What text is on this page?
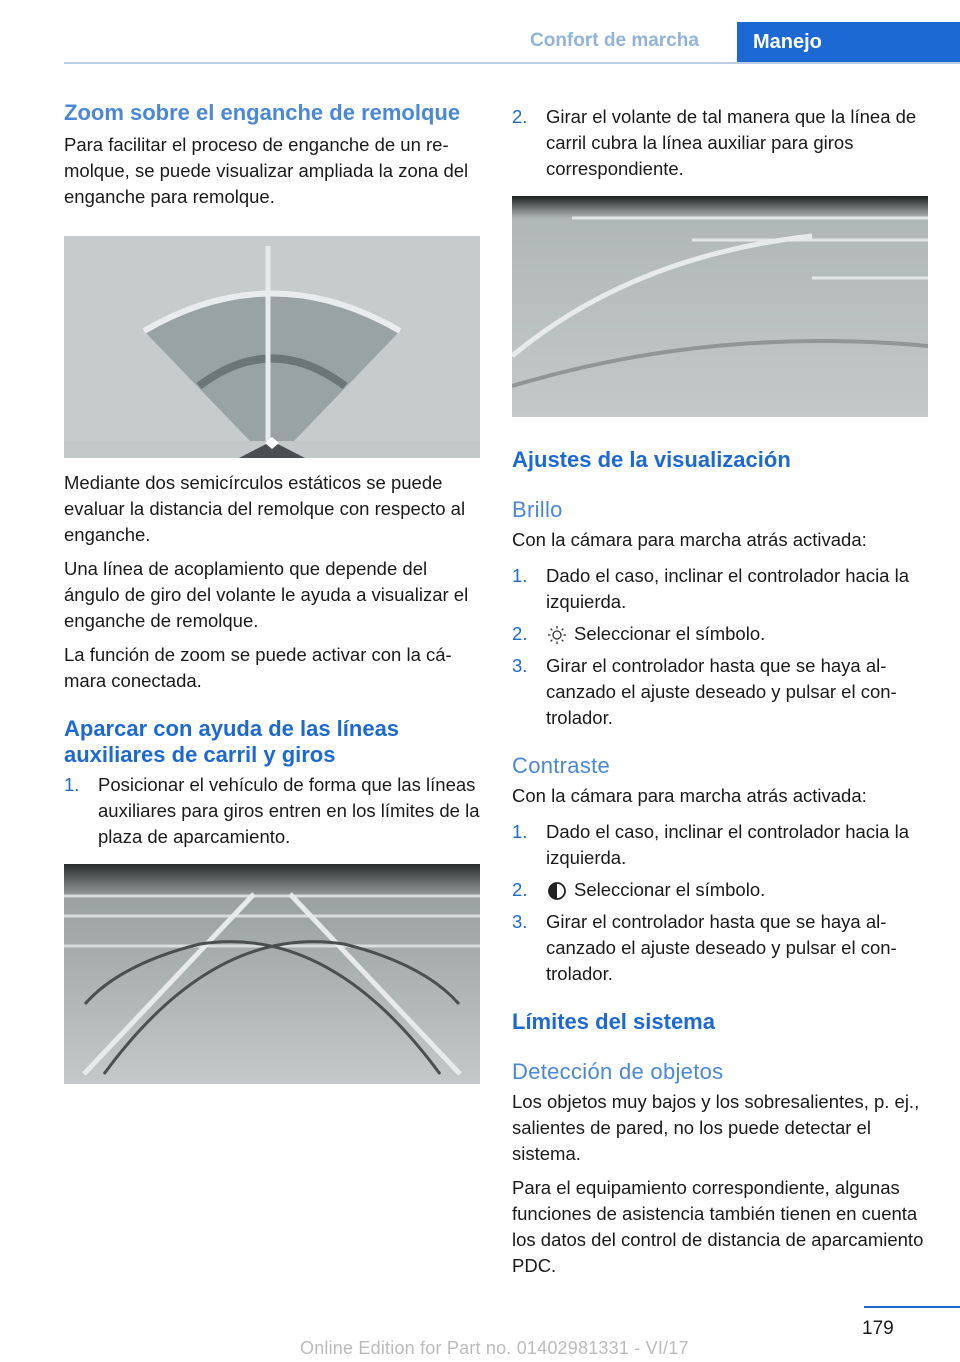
Confort de marcha	Manejo
Zoom sobre el enganche de remolque

Para facilitar el proceso de enganche de un remolque, se puede visualizar ampliada la zona del enganche para remolque.

Mediante dos semicírculos estáticos se puede evaluar la distancia del remolque con respecto al enganche.

Una línea de acoplamiento que depende del ángulo de giro del volante le ayuda a visualizar el enganche de remolque.

La función de zoom se puede activar con la cámara conectada.

Aparcar con ayuda de las líneas auxiliares de carril y giros
1. Posicionar el vehículo de forma que las líneas auxiliares para giros entren en los límites de la plaza de aparcamiento.
2. Girar el volante de tal manera que la línea de carril cubra la línea auxiliar para giros correspondiente.
Ajustes de la visualización
Brillo

Con la cámara para marcha atrás activada:

1. Dado el caso, inclinar el controlador hacia la izquierda.
2.	Seleccionar el símbolo.
3. Girar el controlador hasta que se haya alcanzado el ajuste deseado y pulsar el controlador.
Contraste

Con la cámara para marcha atrás activada:

1. Dado el caso, inclinar el controlador hacia la izquierda.
2.	Seleccionar el símbolo.
3. Girar el controlador hasta que se haya alcanzado el ajuste deseado y pulsar el controlador.
Límites del sistema
Detección de objetos

Los objetos muy bajos y los sobresalientes, p. ej., salientes de pared, no los puede detectar el sistema.

Para el equipamiento correspondiente, algunas funciones de asistencia también tienen en cuenta los datos del control de distancia de aparcamiento PDC.

179
Online Edition for Part no. 01402981331 - VI/17
